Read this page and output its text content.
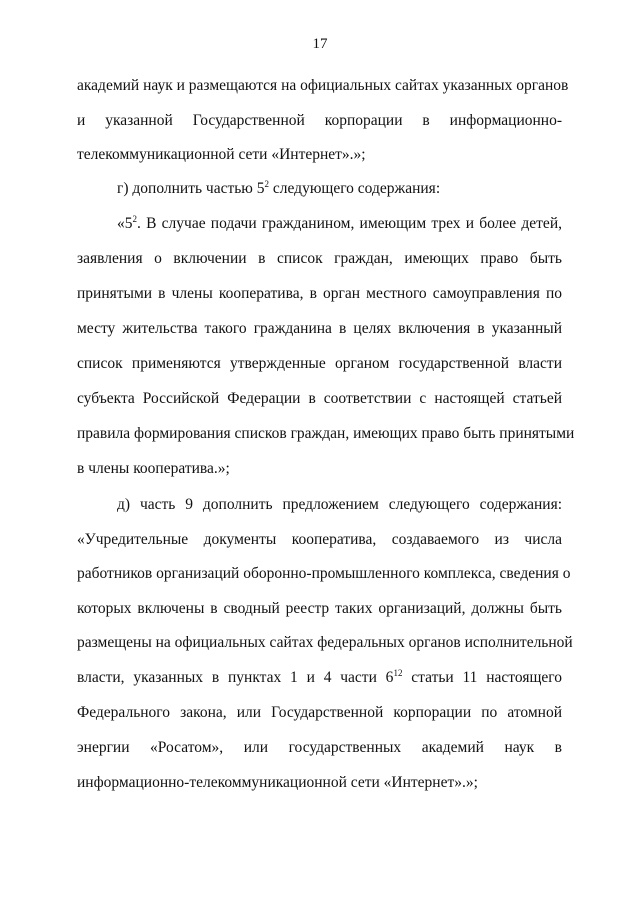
17
академий наук и размещаются на официальных сайтах указанных органов
и указанной Государственной корпорации в информационно-
телекоммуникационной сети «Интернет».»;
г) дополнить частью $5^2$ следующего содержания:
«$5^2$. В случае подачи гражданином, имеющим трех и более детей,
заявления о включении в список граждан, имеющих право быть
принятыми в члены кооператива, в орган местного самоуправления по
месту жительства такого гражданина в целях включения в указанный
список применяются утвержденные органом государственной власти
субъекта Российской Федерации в соответствии с настоящей статьей
правила формирования списков граждан, имеющих право быть принятыми
в члены кооператива.»;
д) часть 9 дополнить предложением следующего содержания:
«Учредительные документы кооператива, создаваемого из числа
работников организаций оборонно-промышленного комплекса, сведения о
которых включены в сводный реестр таких организаций, должны быть
размещены на официальных сайтах федеральных органов исполнительной
власти, указанных в пунктах 1 и 4 части $6^{12}$ статьи 11 настоящего
Федерального закона, или Государственной корпорации по атомной
энергии «Росатом», или государственных академий наук в
информационно-телекоммуникационной сети «Интернет».»;
